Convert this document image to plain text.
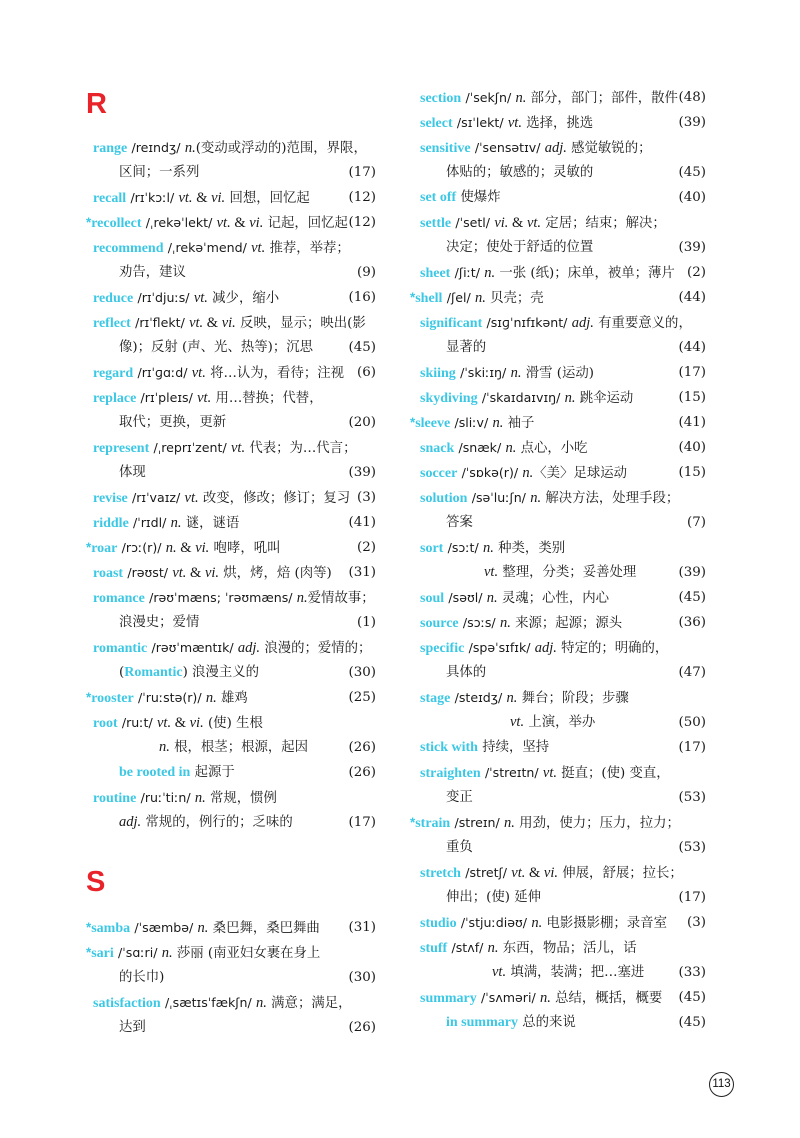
R
range /reɪndʒ/ n.(变动或浮动的)范围，界限，
区间；一系列	(17)
recall /rɪˈkɔːl/ vt. & vi. 回想，回忆起	(12)
*recollect /ˌrekəˈlekt/ vt. & vi. 记起，回忆起 (12)
recommend /ˌrekəˈmend/ vt. 推荐，举荐；
劝告，建议	(9)
reduce /rɪˈdjuːs/ vt. 减少，缩小	(16)
reflect /rɪˈflekt/ vt. & vi. 反映，显示；映出(影
像)；反射 (声、光、热等)；沉思	(45)
regard /rɪˈɡɑːd/ vt. 将…认为，看待；注视 (6)
replace /rɪˈpleɪs/ vt. 用…替换；代替，
取代；更换，更新	(20)
represent /ˌreprɪˈzent/ vt. 代表；为…代言；
体现	(39)
revise /rɪˈvaɪz/ vt. 改变，修改；修订；复习 (3)
riddle /ˈrɪdl/ n. 谜，谜语	(41)
*roar /rɔː(r)/ n. & vi. 咆哮，吼叫	(2)
roast /rəʊst/ vt. & vi. 烘，烤，焙 (肉等) (31)
romance /rəʊˈmæns; ˈrəʊmæns/ n.爱情故事；
浪漫史；爱情	(1)
romantic /rəʊˈmæntɪk/ adj. 浪漫的；爱情的；
(Romantic) 浪漫主义的	(30)
*rooster /ˈruːstə(r)/ n. 雄鸡	(25)
root /ruːt/ vt. & vi. (使) 生根
n. 根，根茎；根源，起因	(26)
be rooted in 起源于	(26)
routine /ruːˈtiːn/ n. 常规，惯例
adj. 常规的，例行的；乏味的	(17)
S
*samba /ˈsæmbə/ n. 桑巴舞，桑巴舞曲 (31)
*sari /ˈsɑːri/ n. 莎丽 (南亚妇女裹在身上
的长巾)	(30)
satisfaction /ˌsætɪsˈfækʃn/ n. 满意；满足，
达到	(26)
section /ˈsekʃn/ n. 部分，部门；部件，散件 (48)
select /sɪˈlekt/ vt. 选择，挑选	(39)
sensitive /ˈsensətɪv/ adj. 感觉敏锐的；
体贴的；敏感的；灵敏的	(45)
set off 使爆炸	(40)
settle /ˈsetl/ vi. & vt. 定居；结束；解决；
决定；使处于舒适的位置	(39)
sheet /ʃiːt/ n. 一张 (纸)；床单，被单；薄片 (2)
*shell /ʃel/ n. 贝壳；壳	(44)
significant /sɪɡˈnɪfɪkənt/ adj. 有重要意义的，
显著的	(44)
skiing /ˈskiːɪŋ/ n. 滑雪 (运动)	(17)
skydiving /ˈskaɪdaɪvɪŋ/ n. 跳伞运动	(15)
*sleeve /sliːv/ n. 袖子	(41)
snack /snæk/ n. 点心，小吃	(40)
soccer /ˈsɒkə(r)/ n.〈美〉足球运动	(15)
solution /səˈluːʃn/ n. 解决方法，处理手段；
答案	(7)
sort /sɔːt/ n. 种类，类别
vt. 整理，分类；妥善处理	(39)
soul /səʊl/ n. 灵魂；心性，内心	(45)
source /sɔːs/ n. 来源；起源；源头	(36)
specific /spəˈsɪfɪk/ adj. 特定的；明确的，
具体的	(47)
stage /steɪdʒ/ n. 舞台；阶段；步骤
vt. 上演，举办	(50)
stick with 持续，坚持	(17)
straighten /ˈstreɪtn/ vt. 挺直；(使) 变直，
变正	(53)
*strain /streɪn/ n. 用劲，使力；压力，拉力；
重负	(53)
stretch /stretʃ/ vt. & vi. 伸展，舒展；拉长；
伸出；(使) 延伸	(17)
studio /ˈstjuːdiəʊ/ n. 电影摄影棚；录音室 (3)
stuff /stʌf/ n. 东西，物品；活儿，话
vt. 填满，装满；把…塞进	(33)
summary /ˈsʌməri/ n. 总结，概括，概要 (45)
in summary 总的来说	(45)
113
